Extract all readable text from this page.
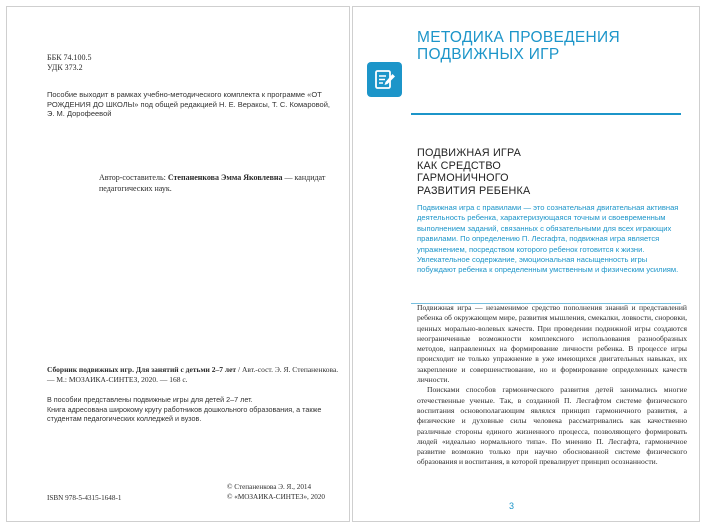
ББК 74.100.5
УДК 373.2
Пособие выходит в рамках учебно-методического комплекта к программе «ОТ РОЖДЕНИЯ ДО ШКОЛЫ» под общей редакцией Н. Е. Вераксы, Т. С. Комаровой, Э. М. Дорофеевой
Автор-составитель: Степаненкова Эмма Яковлевна — кандидат педагогических наук.
Сборник подвижных игр. Для занятий с детьми 2–7 лет / Авт.-сост. Э. Я. Степаненкова. — М.: МОЗАИКА-СИНТЕЗ, 2020. — 168 с.
В пособии представлены подвижные игры для детей 2–7 лет.
Книга адресована широкому кругу работников дошкольного образования, а также студентам педагогических колледжей и вузов.
ISBN 978-5-4315-1648-1
© Степаненкова Э. Я., 2014
© «МОЗАИКА-СИНТЕЗ», 2020
МЕТОДИКА ПРОВЕДЕНИЯ
ПОДВИЖНЫХ ИГР
ПОДВИЖНАЯ ИГРА
КАК СРЕДСТВО
ГАРМОНИЧНОГО
РАЗВИТИЯ РЕБЕНКА
Подвижная игра с правилами — это сознательная двигательная активная деятельность ребенка, характеризующаяся точным и своевременным выполнением заданий, связанных с обязательными для всех играющих правилами. По определению П. Лесгафта, подвижная игра является упражнением, посредством которого ребенок готовится к жизни. Увлекательное содержание, эмоциональная насыщенность игры побуждают ребенка к определенным умственным и физическим усилиям.

Подвижная игра — незаменимое средство пополнения знаний и представлений ребенка об окружающем мире, развития мышления, смекалки, ловкости, сноровки, ценных морально-волевых качеств. При проведении подвижной игры создаются неограниченные возможности комплексного использования разнообразных методов, направленных на формирование личности ребенка. В процессе игры происходит не только упражнение в уже имеющихся двигательных навыках, их закрепление и совершенствование, но и формирование определенных качеств личности.

Поисками способов гармонического развития детей занимались многие отечественные ученые. Так, в созданной П. Лесгафтом системе физического воспитания основополагающим являлся принцип гармоничного развития, а физические и духовные силы человека рассматривались как качественно различные стороны единого жизненного процесса, позволяющего формировать людей «идеально нормального типа». По мнению П. Лесгафта, гармоничное развитие возможно только при научно обоснованной системе физического образования и воспитания, в которой превалирует принцип осознанности.

3
